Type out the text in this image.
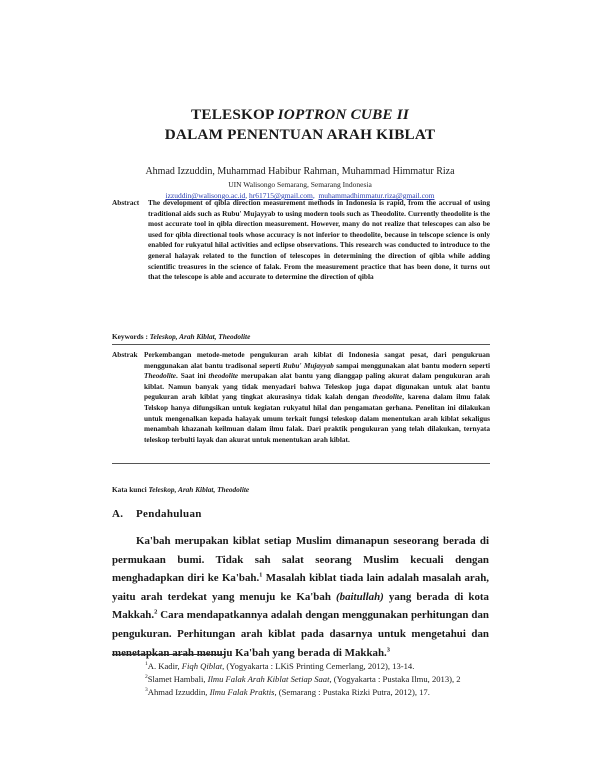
TELESKOP IOPTRON CUBE II
DALAM PENENTUAN ARAH KIBLAT
Ahmad Izzuddin, Muhammad Habibur Rahman, Muhammad Himmatur Riza
UIN Walisongo Semarang, Semarang Indonesia
izzuddin@walisongo.ac.id, hr61715@gmail.com, muhammadhimmatur.riza@gmail.com
Abstract The development of qibla direction measurement methods in Indonesia is rapid, from the accrual of using traditional aids such as Rubu' Mujayyab to using modern tools such as Theodolite. Currently theodolite is the most accurate tool in qibla direction measurement. However, many do not realize that telescopes can also be used for qibla directional tools whose accuracy is not inferior to theodolite, because in telscope science is only enabled for rukyatul hilal activities and eclipse observations. This research was conducted to introduce to the general halayak related to the function of telescopes in determining the direction of qibla while adding scientific treasures in the science of falak. From the measurement practice that has been done, it turns out that the telescope is able and accurate to determine the direction of qibla
Keywords : Teleskop, Arah Kiblat, Theodolite
Abstrak Perkembangan metode-metode pengukuran arah kiblat di Indonesia sangat pesat, dari pengukruan menggunakan alat bantu tradisonal seperti Rubu' Mujayyab sampai menggunakan alat bantu modern seperti Theodolite. Saat ini theodolite merupakan alat bantu yang dianggap paling akurat dalam pengukuran arah kiblat. Namun banyak yang tidak menyadari bahwa Teleskop juga dapat digunakan untuk alat bantu pegukuran arah kiblat yang tingkat akurasinya tidak kalah dengan theodolite, karena dalam ilmu falak Telskop hanya difungsikan untuk kegiatan rukyatul hilal dan pengamatan gerhana. Penelitan ini dilakukan untuk mengenalkan kepada halayak umum terkait fungsi teleskop dalam menentukan arah kiblat sekaligus menambah khazanah keilmuan dalam ilmu falak. Dari praktik pengukuran yang telah dilakukan, ternyata teleskop terbulti layak dan akurat untuk menentukan arah kiblat.
Kata kunci Teleskop, Arah Kiblat, Theodolite
A. Pendahuluan
Ka'bah merupakan kiblat setiap Muslim dimanapun seseorang berada di permukaan bumi. Tidak sah salat seorang Muslim kecuali dengan menghadapkan diri ke Ka'bah.$^1$ Masalah kiblat tiada lain adalah masalah arah, yaitu arah terdekat yang menuju ke Ka'bah (baitullah) yang berada di kota Makkah.$^2$ Cara mendapatkannya adalah dengan menggunakan perhitungan dan pengukuran. Perhitungan arah kiblat pada dasarnya untuk mengetahui dan menetapkan arah menuju Ka'bah yang berada di Makkah.$^3$
$^1$A. Kadir, Fiqh Qiblat, (Yogyakarta : LKiS Printing Cemerlang, 2012), 13-14.
$^2$Slamet Hambali, Ilmu Falak Arah Kiblat Setiap Saat, (Yogyakarta : Pustaka Ilmu, 2013), 2
$^3$Ahmad Izzuddin, Ilmu Falak Praktis, (Semarang : Pustaka Rizki Putra, 2012), 17.
